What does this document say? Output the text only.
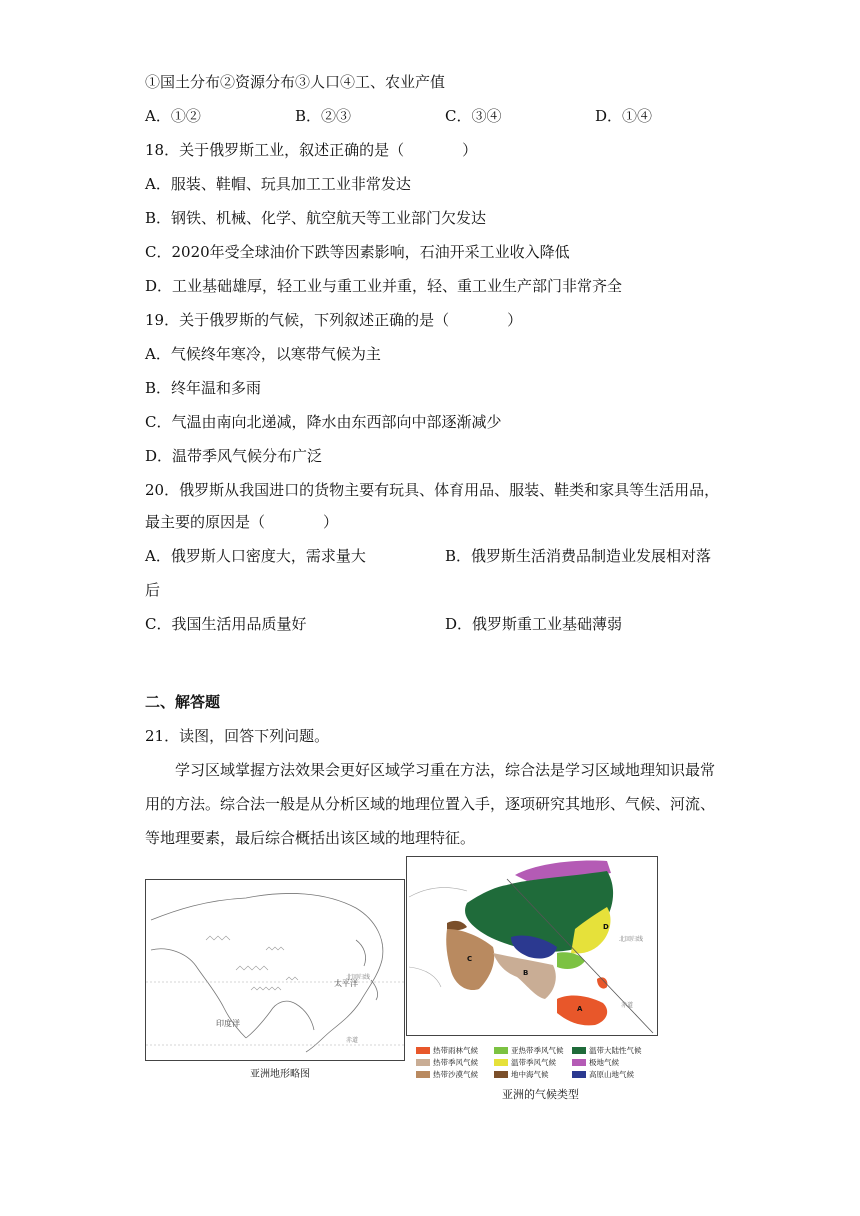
①国土分布②资源分布③人口④工、农业产值
A．①②	B．②③	C．③④	D．①④
18．关于俄罗斯工业，叙述正确的是（	）
A．服装、鞋帽、玩具加工工业非常发达
B．钢铁、机械、化学、航空航天等工业部门欠发达
C．2020年受全球油价下跌等因素影响，石油开采工业收入降低
D．工业基础雄厚，轻工业与重工业并重，轻、重工业生产部门非常齐全
19．关于俄罗斯的气候，下列叙述正确的是（	）
A．气候终年寒冷，以寒带气候为主
B．终年温和多雨
C．气温由南向北递减，降水由东西部向中部逐渐减少
D．温带季风气候分布广泛
20．俄罗斯从我国进口的货物主要有玩具、体育用品、服装、鞋类和家具等生活用品，
最主要的原因是（	）
A．俄罗斯人口密度大，需求量大	B．俄罗斯生活消费品制造业发展相对落
后
C．我国生活用品质量好	D．俄罗斯重工业基础薄弱
二、解答题
21．读图，回答下列问题。
学习区域掌握方法效果会更好区域学习重在方法，综合法是学习区域地理知识最常
用的方法。综合法一般是从分析区域的地理位置入手，逐项研究其地形、气候、河流、
等地理要素，最后综合概括出该区域的地理特征。
太平洋
印度洋
北回归线
赤道
亚洲地形略图
D
C
B
A
北回归线
赤道
热带雨林气候	亚热带季风气候	温带大陆性气候
热带季风气候	温带季风气候	极地气候
热带沙漠气候	地中海气候	高原山地气候
亚洲的气候类型
